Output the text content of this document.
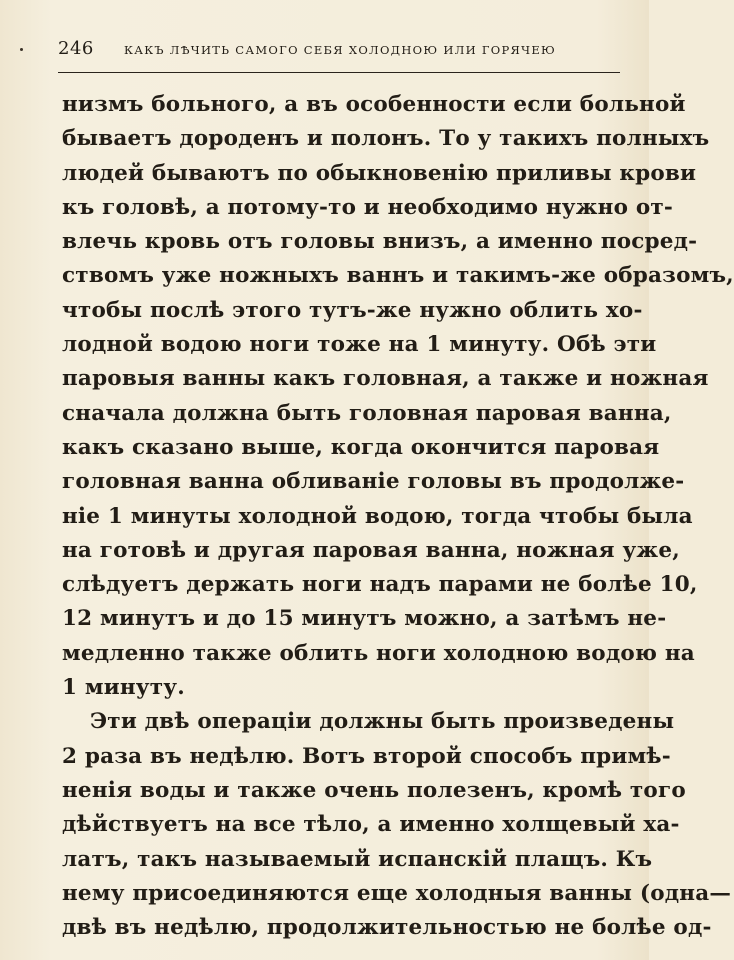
246	КАКЪ ЛѢЧИТЬ САМОГО СЕБЯ ХОЛОДНОЮ ИЛИ ГОРЯЧЕЮ
низмъ больного, а въ особенности если больной
бываетъ дороденъ и полонъ. То у такихъ полныхъ
людей бываютъ по обыкновенію приливы крови
къ головѣ, а потому-то и необходимо нужно от-
влечь кровь отъ головы внизъ, а именно посред-
ствомъ уже ножныхъ ваннъ и такимъ-же образомъ,
чтобы послѣ этого тутъ-же нужно облить хо-
лодной водою ноги тоже на 1 минуту. Обѣ эти
паровыя ванны какъ головная, а также и ножная
сначала должна быть головная паровая ванна,
какъ сказано выше, когда окончится паровая
головная ванна обливаніе головы въ продолже-
ніе 1 минуты холодной водою, тогда чтобы была
на готовѣ и другая паровая ванна, ножная уже,
слѣдуетъ держать ноги надъ парами не болѣе 10,
12 минутъ и до 15 минутъ можно, а затѣмъ не-
медленно также облить ноги холодною водою на
1 минуту.
Эти двѣ операціи должны быть произведены
2 раза въ недѣлю. Вотъ второй способъ примѣ-
ненія воды и также очень полезенъ, кромѣ того
дѣйствуетъ на все тѣло, а именно холщевый ха-
латъ, такъ называемый испанскій плащъ. Къ
нему присоединяются еще холодныя ванны (одна—
двѣ въ недѣлю, продолжительностью не болѣе од-
